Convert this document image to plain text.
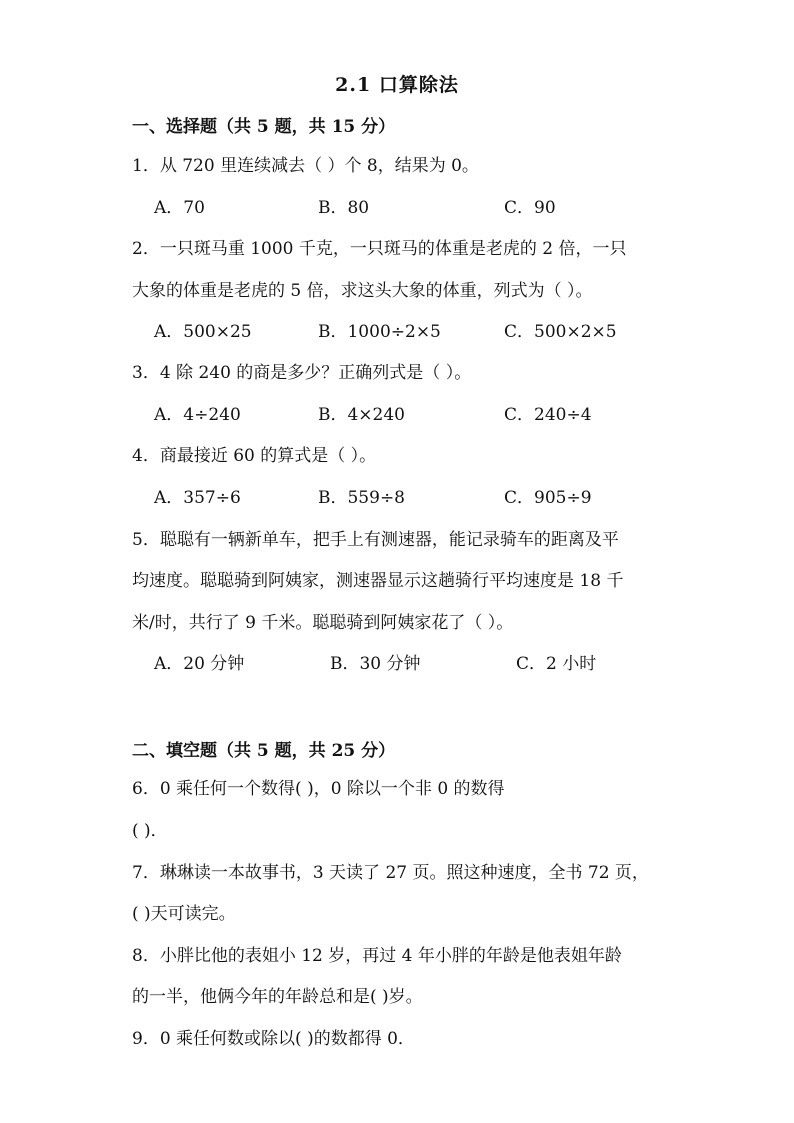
2.1 口算除法
一、选择题（共 5 题，共 15 分）
1．从 720 里连续减去（ ）个 8，结果为 0。
A．70	B．80	C．90
2．一只斑马重 1000 千克，一只斑马的体重是老虎的 2 倍，一只
大象的体重是老虎的 5 倍，求这头大象的体重，列式为（ ）。
A．500×25	B．1000÷2×5	C．500×2×5
3．4 除 240 的商是多少？正确列式是（ ）。
A．4÷240	B．4×240	C．240÷4
4．商最接近 60 的算式是（ ）。
A．357÷6	B．559÷8	C．905÷9
5．聪聪有一辆新单车，把手上有测速器，能记录骑车的距离及平
均速度。聪聪骑到阿姨家，测速器显示这趟骑行平均速度是 18 千
米/时，共行了 9 千米。聪聪骑到阿姨家花了（ ）。
A．20 分钟	B．30 分钟	C．2 小时
二、填空题（共 5 题，共 25 分）
6．0 乘任何一个数得( )，0 除以一个非 0 的数得
( )．
7．琳琳读一本故事书，3 天读了 27 页。照这种速度，全书 72 页，
( )天可读完。
8．小胖比他的表姐小 12 岁，再过 4 年小胖的年龄是他表姐年龄
的一半，他俩今年的年龄总和是( )岁。
9．0 乘任何数或除以( )的数都得 0．
